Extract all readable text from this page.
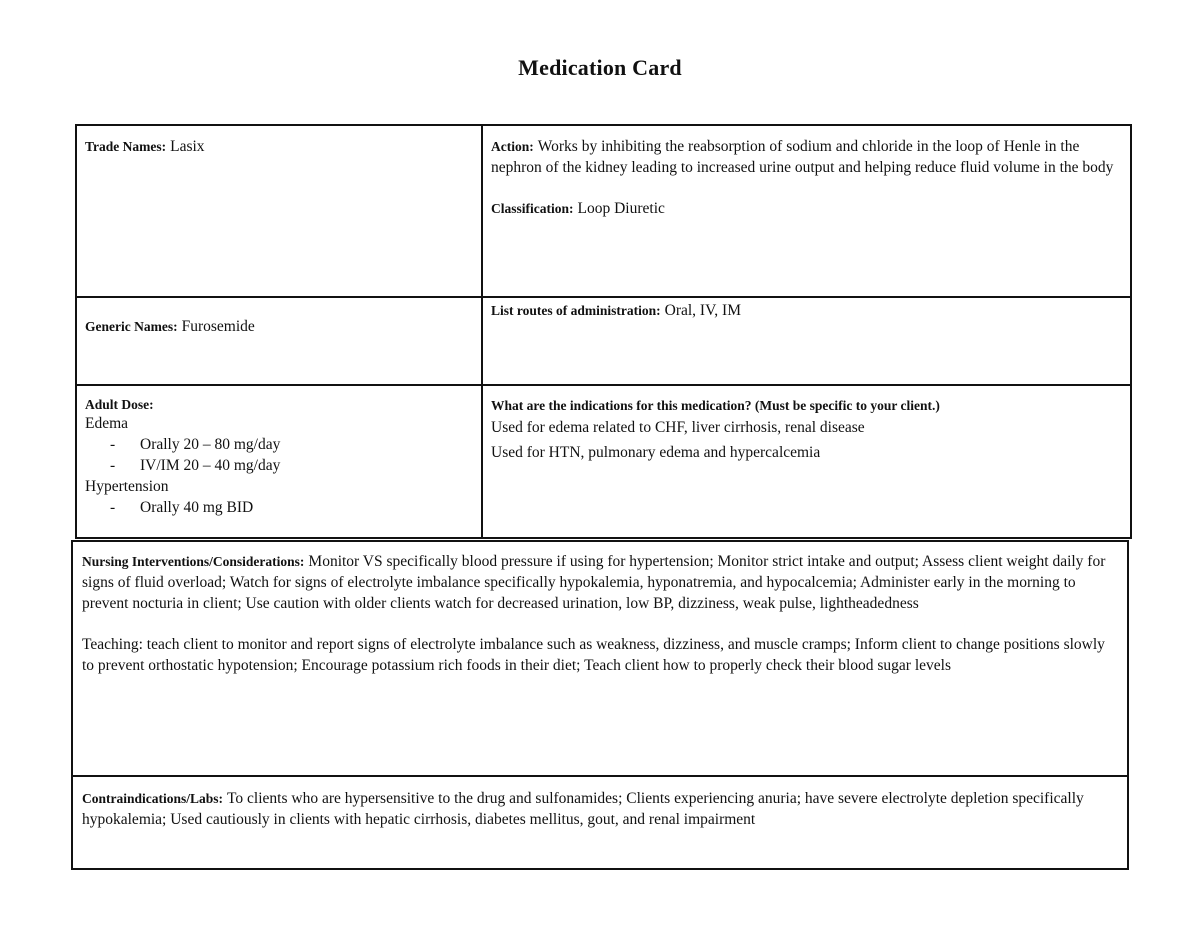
Medication Card
Trade Names: Lasix	Action: Works by inhibiting the reabsorption of sodium and chloride in the loop of Henle in the nephron of the kidney leading to increased urine output and helping reduce fluid volume in the body
Classification: Loop Diuretic
Generic Names: Furosemide
List routes of administration: Oral, IV, IM
Adult Dose:
Edema
- Orally 20 – 80 mg/day
- IV/IM 20 – 40 mg/day
Hypertension
- Orally 40 mg BID
What are the indications for this medication? (Must be specific to your client.)
Used for edema related to CHF, liver cirrhosis, renal disease
Used for HTN, pulmonary edema and hypercalcemia
Nursing Interventions/Considerations: Monitor VS specifically blood pressure if using for hypertension; Monitor strict intake and output; Assess client weight daily for signs of fluid overload; Watch for signs of electrolyte imbalance specifically hypokalemia, hyponatremia, and hypocalcemia; Administer early in the morning to prevent nocturia in client; Use caution with older clients watch for decreased urination, low BP, dizziness, weak pulse, lightheadedness
Teaching: teach client to monitor and report signs of electrolyte imbalance such as weakness, dizziness, and muscle cramps; Inform client to change positions slowly to prevent orthostatic hypotension; Encourage potassium rich foods in their diet; Teach client how to properly check their blood sugar levels
Contraindications/Labs: To clients who are hypersensitive to the drug and sulfonamides; Clients experiencing anuria; have severe electrolyte depletion specifically hypokalemia; Used cautiously in clients with hepatic cirrhosis, diabetes mellitus, gout, and renal impairment
